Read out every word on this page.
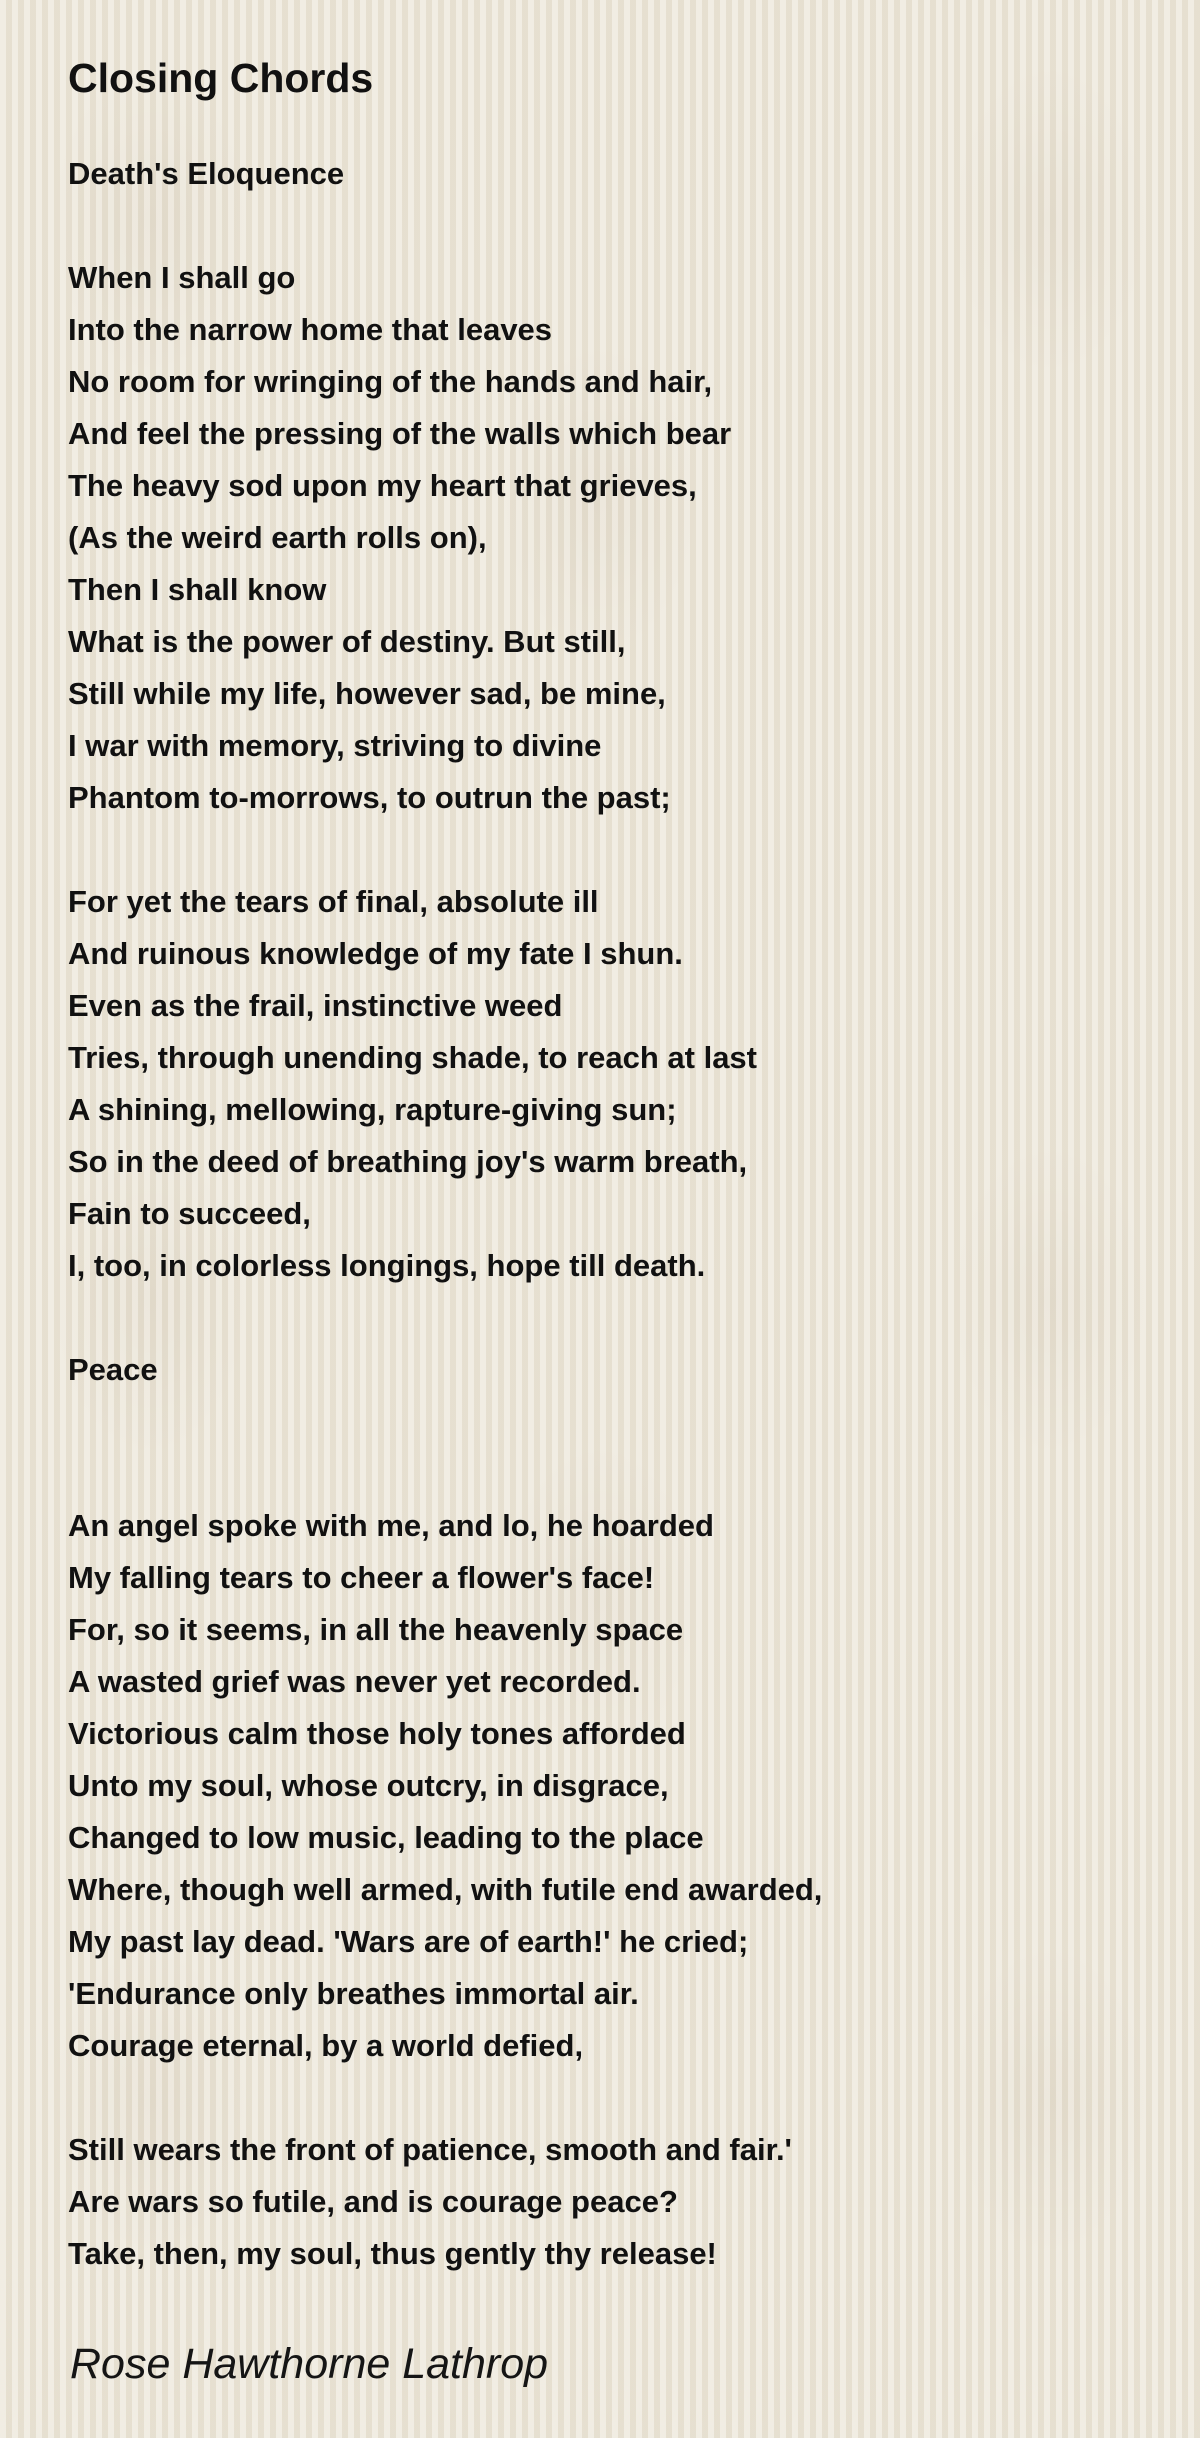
Closing Chords
Death's Eloquence
When I shall go
Into the narrow home that leaves
No room for wringing of the hands and hair,
And feel the pressing of the walls which bear
The heavy sod upon my heart that grieves,
(As the weird earth rolls on),
Then I shall know
What is the power of destiny. But still,
Still while my life, however sad, be mine,
I war with memory, striving to divine
Phantom to-morrows, to outrun the past;
For yet the tears of final, absolute ill
And ruinous knowledge of my fate I shun.
Even as the frail, instinctive weed
Tries, through unending shade, to reach at last
A shining, mellowing, rapture-giving sun;
So in the deed of breathing joy's warm breath,
Fain to succeed,
I, too, in colorless longings, hope till death.
Peace
An angel spoke with me, and lo, he hoarded
My falling tears to cheer a flower's face!
For, so it seems, in all the heavenly space
A wasted grief was never yet recorded.
Victorious calm those holy tones afforded
Unto my soul, whose outcry, in disgrace,
Changed to low music, leading to the place
Where, though well armed, with futile end awarded,
My past lay dead. 'Wars are of earth!' he cried;
'Endurance only breathes immortal air.
Courage eternal, by a world defied,
Still wears the front of patience, smooth and fair.'
Are wars so futile, and is courage peace?
Take, then, my soul, thus gently thy release!
Rose Hawthorne Lathrop
